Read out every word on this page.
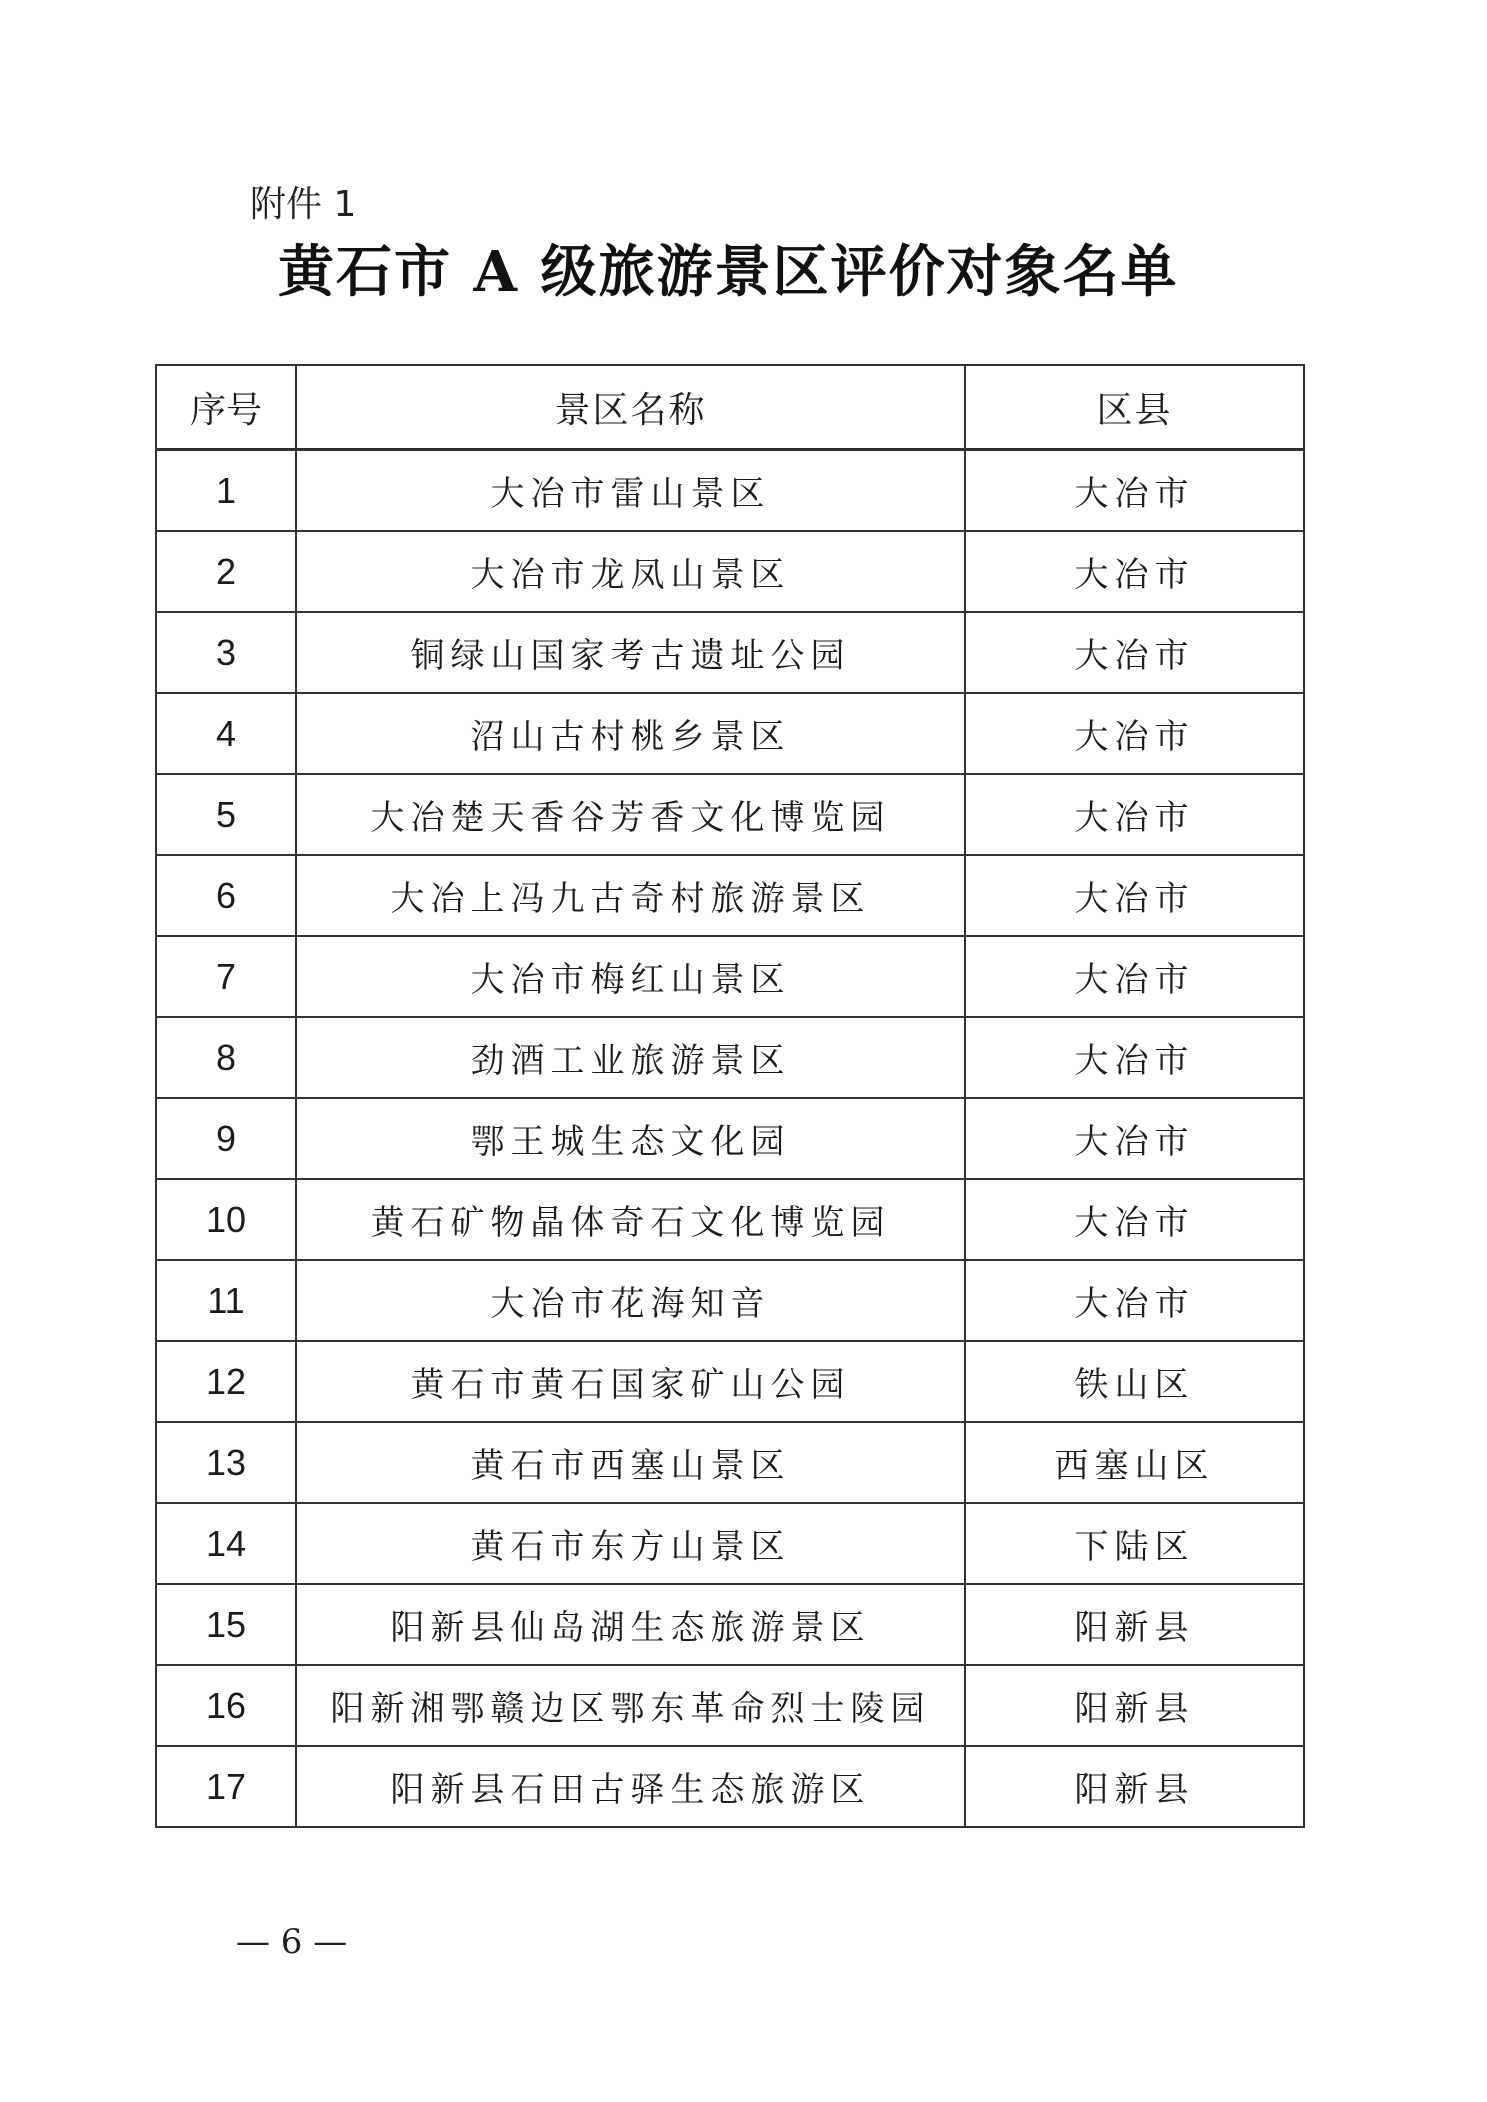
附件 1
黄石市 A 级旅游景区评价对象名单
序号	景区名称	区县
1	大冶市雷山景区	大冶市
2	大冶市龙凤山景区	大冶市
3	铜绿山国家考古遗址公园	大冶市
4	沼山古村桃乡景区	大冶市
5	大冶楚天香谷芳香文化博览园	大冶市
6	大冶上冯九古奇村旅游景区	大冶市
7	大冶市梅红山景区	大冶市
8	劲酒工业旅游景区	大冶市
9	鄂王城生态文化园	大冶市
10	黄石矿物晶体奇石文化博览园	大冶市
11	大冶市花海知音	大冶市
12	黄石市黄石国家矿山公园	铁山区
13	黄石市西塞山景区	西塞山区
14	黄石市东方山景区	下陆区
15	阳新县仙岛湖生态旅游景区	阳新县
16	阳新湘鄂赣边区鄂东革命烈士陵园	阳新县
17	阳新县石田古驿生态旅游区	阳新县
— 6 —
